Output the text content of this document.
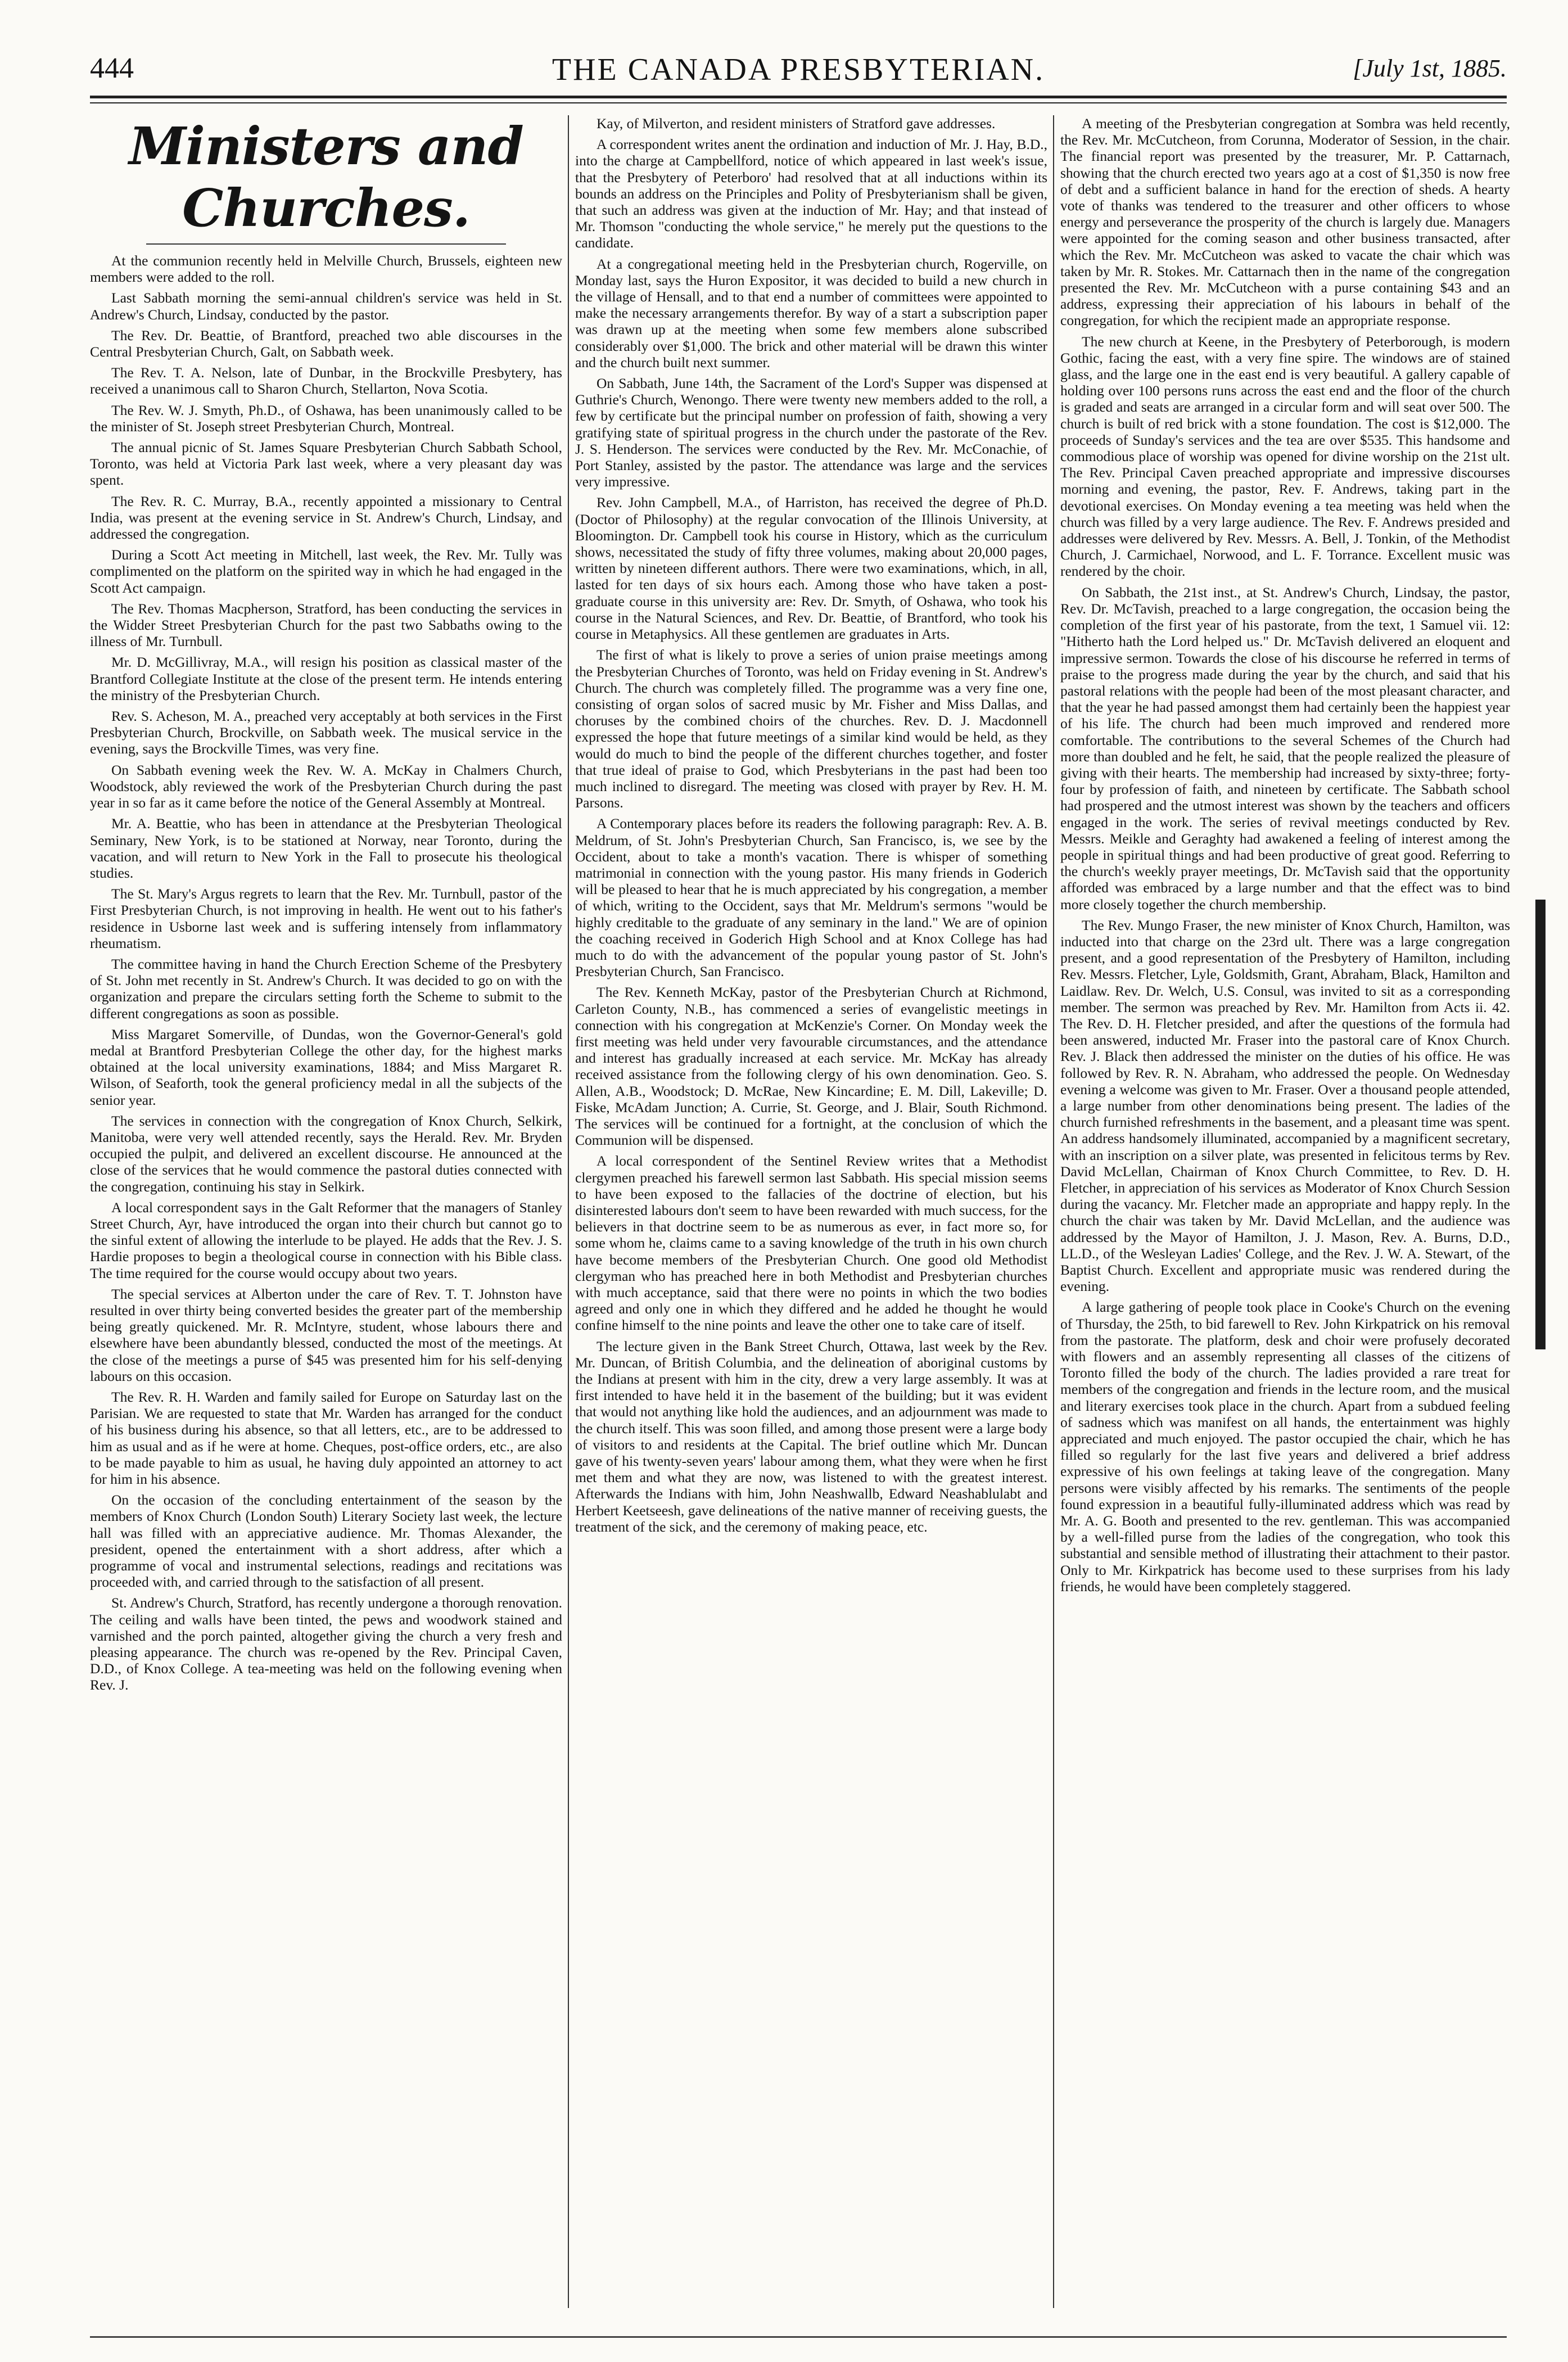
444	THE CANADA PRESBYTERIAN.	[July 1st, 1885.
Ministers and Churches.

At the communion recently held in Melville Church, Brussels, eighteen new members were added to the roll.

Last Sabbath morning the semi-annual children's service was held in St. Andrew's Church, Lindsay, conducted by the pastor.

The Rev. Dr. Beattie, of Brantford, preached two able discourses in the Central Presbyterian Church, Galt, on Sabbath week.

The Rev. T. A. Nelson, late of Dunbar, in the Brockville Presbytery, has received a unanimous call to Sharon Church, Stellarton, Nova Scotia.

The Rev. W. J. Smyth, Ph.D., of Oshawa, has been unanimously called to be the minister of St. Joseph street Presbyterian Church, Montreal.

The annual picnic of St. James Square Presbyterian Church Sabbath School, Toronto, was held at Victoria Park last week, where a very pleasant day was spent.

The Rev. R. C. Murray, B.A., recently appointed a missionary to Central India, was present at the evening service in St. Andrew's Church, Lindsay, and addressed the congregation.

During a Scott Act meeting in Mitchell, last week, the Rev. Mr. Tully was complimented on the platform on the spirited way in which he had engaged in the Scott Act campaign.

The Rev. Thomas Macpherson, Stratford, has been conducting the services in the Widder Street Presbyterian Church for the past two Sabbaths owing to the illness of Mr. Turnbull.

Mr. D. McGillivray, M.A., will resign his position as classical master of the Brantford Collegiate Institute at the close of the present term. He intends entering the ministry of the Presbyterian Church.

Rev. S. Acheson, M. A., preached very acceptably at both services in the First Presbyterian Church, Brockville, on Sabbath week. The musical service in the evening, says the Brockville Times, was very fine.

On Sabbath evening week the Rev. W. A. McKay in Chalmers Church, Woodstock, ably reviewed the work of the Presbyterian Church during the past year in so far as it came before the notice of the General Assembly at Montreal.

Mr. A. Beattie, who has been in attendance at the Presbyterian Theological Seminary, New York, is to be stationed at Norway, near Toronto, during the vacation, and will return to New York in the Fall to prosecute his theological studies.

The St. Mary's Argus regrets to learn that the Rev. Mr. Turnbull, pastor of the First Presbyterian Church, is not improving in health. He went out to his father's residence in Usborne last week and is suffering intensely from inflammatory rheumatism.

The committee having in hand the Church Erection Scheme of the Presbytery of St. John met recently in St. Andrew's Church. It was decided to go on with the organization and prepare the circulars setting forth the Scheme to submit to the different congregations as soon as possible.

Miss Margaret Somerville, of Dundas, won the Governor-General's gold medal at Brantford Presbyterian College the other day, for the highest marks obtained at the local university examinations, 1884; and Miss Margaret R. Wilson, of Seaforth, took the general proficiency medal in all the subjects of the senior year.

The services in connection with the congregation of Knox Church, Selkirk, Manitoba, were very well attended recently, says the Herald. Rev. Mr. Bryden occupied the pulpit, and delivered an excellent discourse. He announced at the close of the services that he would commence the pastoral duties connected with the congregation, continuing his stay in Selkirk.

A local correspondent says in the Galt Reformer that the managers of Stanley Street Church, Ayr, have introduced the organ into their church but cannot go to the sinful extent of allowing the interlude to be played. He adds that the Rev. J. S. Hardie proposes to begin a theological course in connection with his Bible class. The time required for the course would occupy about two years.

The special services at Alberton under the care of Rev. T. T. Johnston have resulted in over thirty being converted besides the greater part of the membership being greatly quickened. Mr. R. McIntyre, student, whose labours there and elsewhere have been abundantly blessed, conducted the most of the meetings. At the close of the meetings a purse of $45 was presented him for his self-denying labours on this occasion.

The Rev. R. H. Warden and family sailed for Europe on Saturday last on the Parisian. We are requested to state that Mr. Warden has arranged for the conduct of his business during his absence, so that all letters, etc., are to be addressed to him as usual and as if he were at home. Cheques, post-office orders, etc., are also to be made payable to him as usual, he having duly appointed an attorney to act for him in his absence.

On the occasion of the concluding entertainment of the season by the members of Knox Church (London South) Literary Society last week, the lecture hall was filled with an appreciative audience. Mr. Thomas Alexander, the president, opened the entertainment with a short address, after which a programme of vocal and instrumental selections, readings and recitations was proceeded with, and carried through to the satisfaction of all present.

St. Andrew's Church, Stratford, has recently undergone a thorough renovation. The ceiling and walls have been tinted, the pews and woodwork stained and varnished and the porch painted, altogether giving the church a very fresh and pleasing appearance. The church was re-opened by the Rev. Principal Caven, D.D., of Knox College. A tea-meeting was held on the following evening when Rev. J.

Kay, of Milverton, and resident ministers of Stratford gave addresses.

A correspondent writes anent the ordination and induction of Mr. J. Hay, B.D., into the charge at Campbellford, notice of which appeared in last week's issue, that the Presbytery of Peterboro' had resolved that at all inductions within its bounds an address on the Principles and Polity of Presbyterianism shall be given, that such an address was given at the induction of Mr. Hay; and that instead of Mr. Thomson "conducting the whole service," he merely put the questions to the candidate.

At a congregational meeting held in the Presbyterian church, Rogerville, on Monday last, says the Huron Expositor, it was decided to build a new church in the village of Hensall, and to that end a number of committees were appointed to make the necessary arrangements therefor. By way of a start a subscription paper was drawn up at the meeting when some few members alone subscribed considerably over $1,000. The brick and other material will be drawn this winter and the church built next summer.

On Sabbath, June 14th, the Sacrament of the Lord's Supper was dispensed at Guthrie's Church, Wenongo. There were twenty new members added to the roll, a few by certificate but the principal number on profession of faith, showing a very gratifying state of spiritual progress in the church under the pastorate of the Rev. J. S. Henderson. The services were conducted by the Rev. Mr. McConachie, of Port Stanley, assisted by the pastor. The attendance was large and the services very impressive.

Rev. John Campbell, M.A., of Harriston, has received the degree of Ph.D. (Doctor of Philosophy) at the regular convocation of the Illinois University, at Bloomington. Dr. Campbell took his course in History, which as the curriculum shows, necessitated the study of fifty three volumes, making about 20,000 pages, written by nineteen different authors. There were two examinations, which, in all, lasted for ten days of six hours each. Among those who have taken a post-graduate course in this university are: Rev. Dr. Smyth, of Oshawa, who took his course in the Natural Sciences, and Rev. Dr. Beattie, of Brantford, who took his course in Metaphysics. All these gentlemen are graduates in Arts.

The first of what is likely to prove a series of union praise meetings among the Presbyterian Churches of Toronto, was held on Friday evening in St. Andrew's Church. The church was completely filled. The programme was a very fine one, consisting of organ solos of sacred music by Mr. Fisher and Miss Dallas, and choruses by the combined choirs of the churches. Rev. D. J. Macdonnell expressed the hope that future meetings of a similar kind would be held, as they would do much to bind the people of the different churches together, and foster that true ideal of praise to God, which Presbyterians in the past had been too much inclined to disregard. The meeting was closed with prayer by Rev. H. M. Parsons.

A Contemporary places before its readers the following paragraph: Rev. A. B. Meldrum, of St. John's Presbyterian Church, San Francisco, is, we see by the Occident, about to take a month's vacation. There is whisper of something matrimonial in connection with the young pastor. His many friends in Goderich will be pleased to hear that he is much appreciated by his congregation, a member of which, writing to the Occident, says that Mr. Meldrum's sermons "would be highly creditable to the graduate of any seminary in the land." We are of opinion the coaching received in Goderich High School and at Knox College has had much to do with the advancement of the popular young pastor of St. John's Presbyterian Church, San Francisco.

The Rev. Kenneth McKay, pastor of the Presbyterian Church at Richmond, Carleton County, N.B., has commenced a series of evangelistic meetings in connection with his congregation at McKenzie's Corner. On Monday week the first meeting was held under very favourable circumstances, and the attendance and interest has gradually increased at each service. Mr. McKay has already received assistance from the following clergy of his own denomination. Geo. S. Allen, A.B., Woodstock; D. McRae, New Kincardine; E. M. Dill, Lakeville; D. Fiske, McAdam Junction; A. Currie, St. George, and J. Blair, South Richmond. The services will be continued for a fortnight, at the conclusion of which the Communion will be dispensed.

A local correspondent of the Sentinel Review writes that a Methodist clergymen preached his farewell sermon last Sabbath. His special mission seems to have been exposed to the fallacies of the doctrine of election, but his disinterested labours don't seem to have been rewarded with much success, for the believers in that doctrine seem to be as numerous as ever, in fact more so, for some whom he, claims came to a saving knowledge of the truth in his own church have become members of the Presbyterian Church. One good old Methodist clergyman who has preached here in both Methodist and Presbyterian churches with much acceptance, said that there were no points in which the two bodies agreed and only one in which they differed and he added he thought he would confine himself to the nine points and leave the other one to take care of itself.

The lecture given in the Bank Street Church, Ottawa, last week by the Rev. Mr. Duncan, of British Columbia, and the delineation of aboriginal customs by the Indians at present with him in the city, drew a very large assembly. It was at first intended to have held it in the basement of the building; but it was evident that would not anything like hold the audiences, and an adjournment was made to the church itself. This was soon filled, and among those present were a large body of visitors to and residents at the Capital. The brief outline which Mr. Duncan gave of his twenty-seven years' labour among them, what they were when he first met them and what they are now, was listened to with the greatest interest. Afterwards the Indians with him, John Neashwallb, Edward Neashablulabt and Herbert Keetseesh, gave delineations of the native manner of receiving guests, the treatment of the sick, and the ceremony of making peace, etc.

A meeting of the Presbyterian congregation at Sombra was held recently, the Rev. Mr. McCutcheon, from Corunna, Moderator of Session, in the chair. The financial report was presented by the treasurer, Mr. P. Cattarnach, showing that the church erected two years ago at a cost of $1,350 is now free of debt and a sufficient balance in hand for the erection of sheds. A hearty vote of thanks was tendered to the treasurer and other officers to whose energy and perseverance the prosperity of the church is largely due. Managers were appointed for the coming season and other business transacted, after which the Rev. Mr. McCutcheon was asked to vacate the chair which was taken by Mr. R. Stokes. Mr. Cattarnach then in the name of the congregation presented the Rev. Mr. McCutcheon with a purse containing $43 and an address, expressing their appreciation of his labours in behalf of the congregation, for which the recipient made an appropriate response.

The new church at Keene, in the Presbytery of Peterborough, is modern Gothic, facing the east, with a very fine spire. The windows are of stained glass, and the large one in the east end is very beautiful. A gallery capable of holding over 100 persons runs across the east end and the floor of the church is graded and seats are arranged in a circular form and will seat over 500. The church is built of red brick with a stone foundation. The cost is $12,000. The proceeds of Sunday's services and the tea are over $535. This handsome and commodious place of worship was opened for divine worship on the 21st ult. The Rev. Principal Caven preached appropriate and impressive discourses morning and evening, the pastor, Rev. F. Andrews, taking part in the devotional exercises. On Monday evening a tea meeting was held when the church was filled by a very large audience. The Rev. F. Andrews presided and addresses were delivered by Rev. Messrs. A. Bell, J. Tonkin, of the Methodist Church, J. Carmichael, Norwood, and L. F. Torrance. Excellent music was rendered by the choir.

On Sabbath, the 21st inst., at St. Andrew's Church, Lindsay, the pastor, Rev. Dr. McTavish, preached to a large congregation, the occasion being the completion of the first year of his pastorate, from the text, 1 Samuel vii. 12: "Hitherto hath the Lord helped us." Dr. McTavish delivered an eloquent and impressive sermon. Towards the close of his discourse he referred in terms of praise to the progress made during the year by the church, and said that his pastoral relations with the people had been of the most pleasant character, and that the year he had passed amongst them had certainly been the happiest year of his life. The church had been much improved and rendered more comfortable. The contributions to the several Schemes of the Church had more than doubled and he felt, he said, that the people realized the pleasure of giving with their hearts. The membership had increased by sixty-three; forty-four by profession of faith, and nineteen by certificate. The Sabbath school had prospered and the utmost interest was shown by the teachers and officers engaged in the work. The series of revival meetings conducted by Rev. Messrs. Meikle and Geraghty had awakened a feeling of interest among the people in spiritual things and had been productive of great good. Referring to the church's weekly prayer meetings, Dr. McTavish said that the opportunity afforded was embraced by a large number and that the effect was to bind more closely together the church membership.

The Rev. Mungo Fraser, the new minister of Knox Church, Hamilton, was inducted into that charge on the 23rd ult. There was a large congregation present, and a good representation of the Presbytery of Hamilton, including Rev. Messrs. Fletcher, Lyle, Goldsmith, Grant, Abraham, Black, Hamilton and Laidlaw. Rev. Dr. Welch, U.S. Consul, was invited to sit as a corresponding member. The sermon was preached by Rev. Mr. Hamilton from Acts ii. 42. The Rev. D. H. Fletcher presided, and after the questions of the formula had been answered, inducted Mr. Fraser into the pastoral care of Knox Church. Rev. J. Black then addressed the minister on the duties of his office. He was followed by Rev. R. N. Abraham, who addressed the people. On Wednesday evening a welcome was given to Mr. Fraser. Over a thousand people attended, a large number from other denominations being present. The ladies of the church furnished refreshments in the basement, and a pleasant time was spent. An address handsomely illuminated, accompanied by a magnificent secretary, with an inscription on a silver plate, was presented in felicitous terms by Rev. David McLellan, Chairman of Knox Church Committee, to Rev. D. H. Fletcher, in appreciation of his services as Moderator of Knox Church Session during the vacancy. Mr. Fletcher made an appropriate and happy reply. In the church the chair was taken by Mr. David McLellan, and the audience was addressed by the Mayor of Hamilton, J. J. Mason, Rev. A. Burns, D.D., LL.D., of the Wesleyan Ladies' College, and the Rev. J. W. A. Stewart, of the Baptist Church. Excellent and appropriate music was rendered during the evening.

A large gathering of people took place in Cooke's Church on the evening of Thursday, the 25th, to bid farewell to Rev. John Kirkpatrick on his removal from the pastorate. The platform, desk and choir were profusely decorated with flowers and an assembly representing all classes of the citizens of Toronto filled the body of the church. The ladies provided a rare treat for members of the congregation and friends in the lecture room, and the musical and literary exercises took place in the church. Apart from a subdued feeling of sadness which was manifest on all hands, the entertainment was highly appreciated and much enjoyed. The pastor occupied the chair, which he has filled so regularly for the last five years and delivered a brief address expressive of his own feelings at taking leave of the congregation. Many persons were visibly affected by his remarks. The sentiments of the people found expression in a beautiful fully-illuminated address which was read by Mr. A. G. Booth and presented to the rev. gentleman. This was accompanied by a well-filled purse from the ladies of the congregation, who took this substantial and sensible method of illustrating their attachment to their pastor. Only to Mr. Kirkpatrick has become used to these surprises from his lady friends, he would have been completely staggered.
